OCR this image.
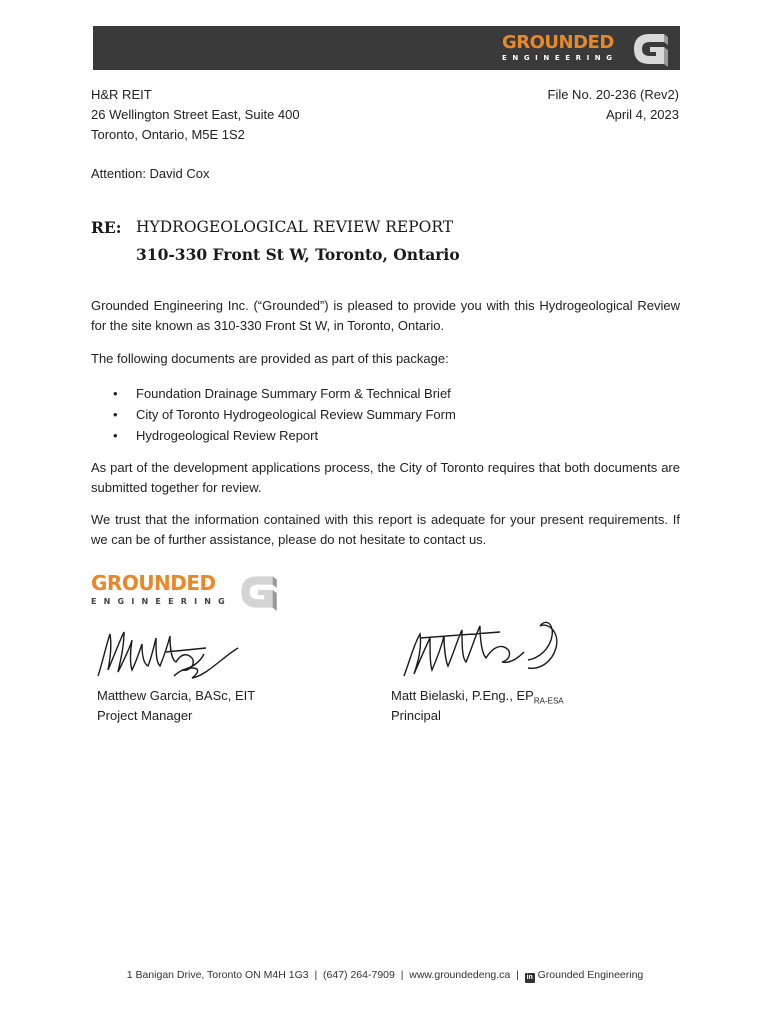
GROUNDED
ENGINEERING
H&R REIT
26 Wellington Street East, Suite 400
Toronto, Ontario, M5E 1S2
File No. 20-236 (Rev2)
April 4, 2023
Attention: David Cox
RE: HYDROGEOLOGICAL REVIEW REPORT
310-330 Front St W, Toronto, Ontario
Grounded Engineering Inc. (“Grounded”) is pleased to provide you with this Hydrogeological Review for the site known as 310-330 Front St W, in Toronto, Ontario.
The following documents are provided as part of this package:
• Foundation Drainage Summary Form & Technical Brief
• City of Toronto Hydrogeological Review Summary Form
• Hydrogeological Review Report
As part of the development applications process, the City of Toronto requires that both documents are submitted together for review.
We trust that the information contained with this report is adequate for your present requirements. If we can be of further assistance, please do not hesitate to contact us.
GROUNDED
ENGINEERING
Matthew Garcia, BASc, EIT
Project Manager
Matt Bielaski, P.Eng., $EP_{RA-ESA}$
Principal
1 Banigan Drive, Toronto ON M4H 1G3 | (647) 264-7909 | www.groundedeng.ca | in Grounded Engineering
